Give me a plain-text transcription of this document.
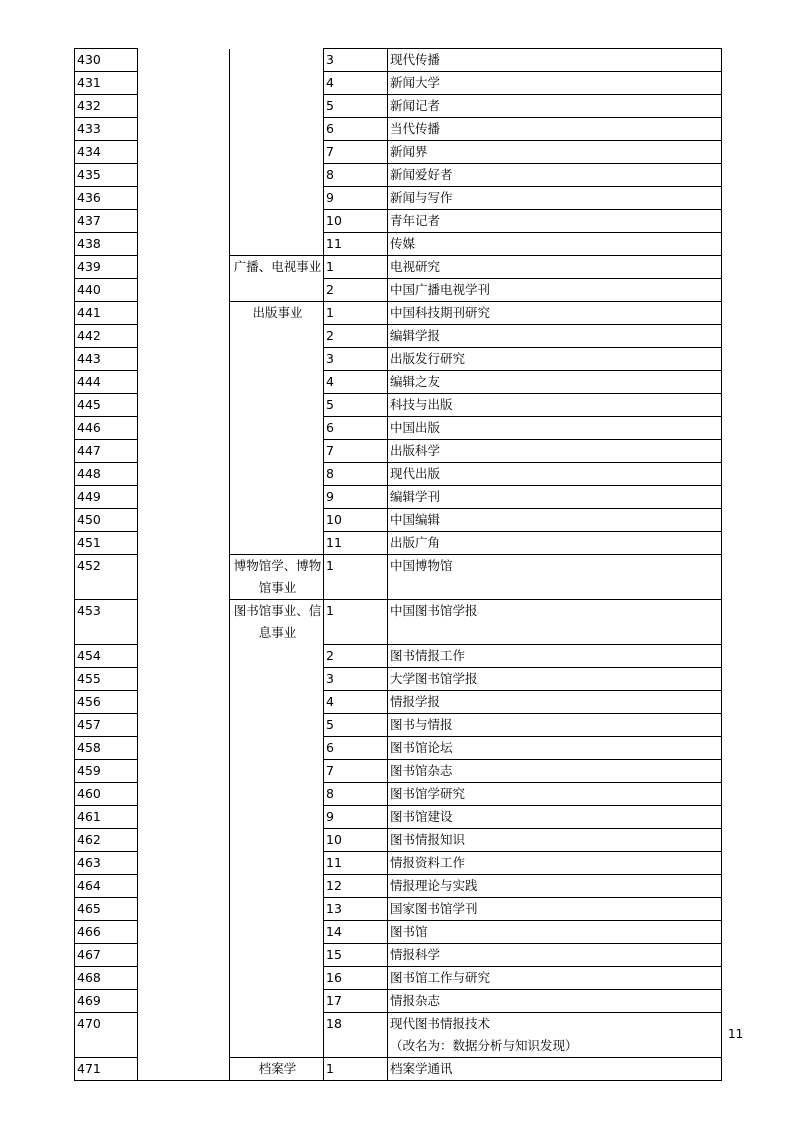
430			3	现代传播

431			4	新闻大学

432			5	新闻记者

433			6	当代传播

434			7	新闻界

435			8	新闻爱好者

436			9	新闻与写作

437			10	青年记者

438			11	传媒

439		广播、电视事业	1	电视研究

440			2	中国广播电视学刊

441		出版事业	1	中国科技期刊研究

442			2	编辑学报

443			3	出版发行研究

444			4	编辑之友

445			5	科技与出版

446			6	中国出版

447			7	出版科学

448			8	现代出版

449			9	编辑学刊

450			10	中国编辑

451			11	出版广角

452		博物馆学、博物馆事业	1	中国博物馆

453		图书馆事业、信息事业	1	中国图书馆学报

454			2	图书情报工作

455			3	大学图书馆学报

456			4	情报学报

457			5	图书与情报

458			6	图书馆论坛

459			7	图书馆杂志

460			8	图书馆学研究

461			9	图书馆建设

462			10	图书情报知识

463			11	情报资料工作

464			12	情报理论与实践

465			13	国家图书馆学刊

466			14	图书馆

467			15	情报科学

468			16	图书馆工作与研究

469			17	情报杂志

470			18	现代图书情报技术
（改名为：数据分析与知识发现）

471		档案学	1	档案学通讯
11
